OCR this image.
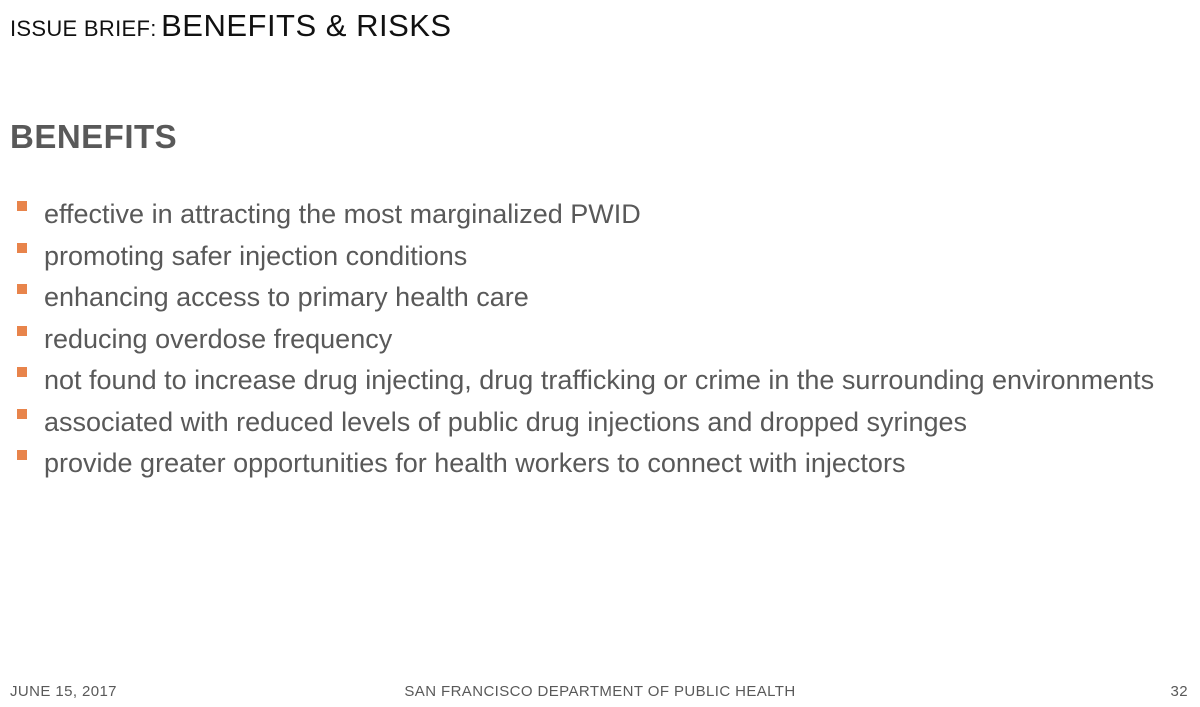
ISSUE BRIEF: BENEFITS & RISKS
BENEFITS
effective in attracting the most marginalized PWID
promoting safer injection conditions
enhancing access to primary health care
reducing overdose frequency
not found to increase drug injecting, drug trafficking or crime in the surrounding environments
associated with reduced levels of public drug injections and dropped syringes
provide greater opportunities for health workers to connect with injectors
JUNE 15, 2017	SAN FRANCISCO DEPARTMENT OF PUBLIC HEALTH	32
